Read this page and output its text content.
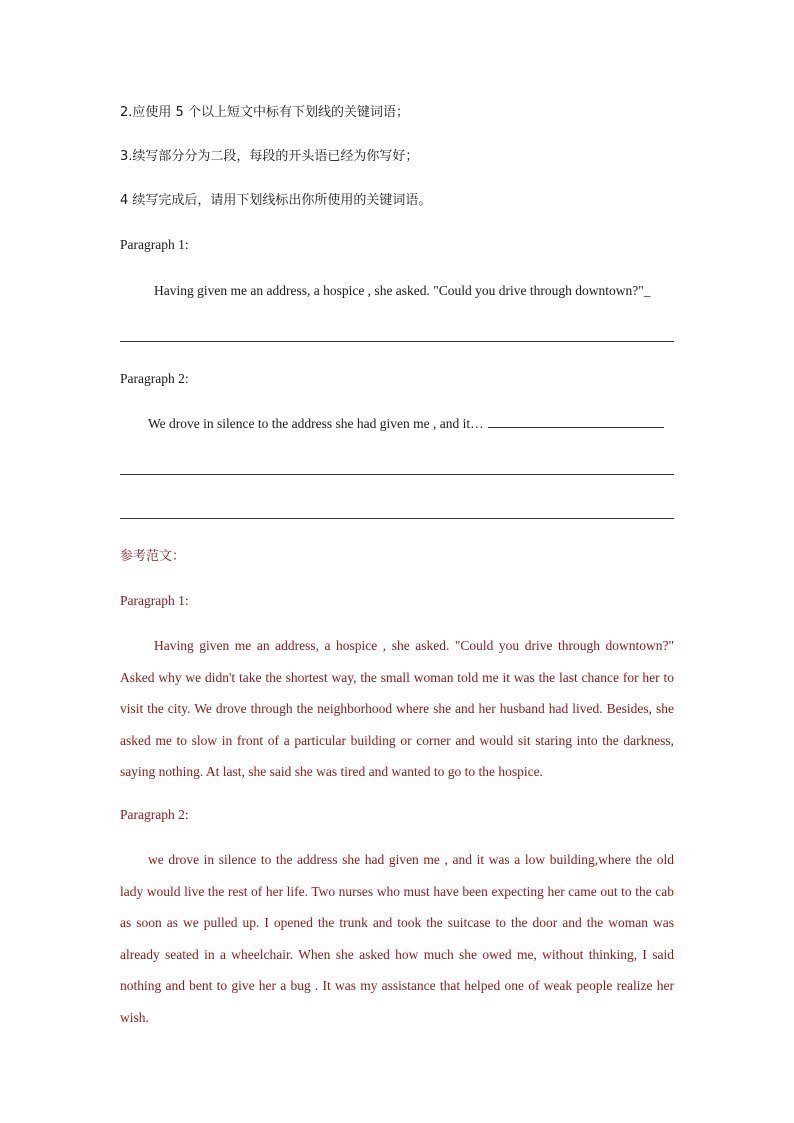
2.应使用 5 个以上短文中标有下划线的关键词语；
3.续写部分分为二段，每段的开头语已经为你写好；
4 续写完成后，请用下划线标出你所使用的关键词语。
Paragraph 1:
Having given me an address, a hospice , she asked. "Could you drive through downtown?"_
Paragraph 2:
We drove in silence to the address she had given me , and it…
参考范文：
Paragraph 1:
Having given me an address, a hospice , she asked. "Could you drive through downtown?" Asked why we didn't take the shortest way, the small woman told me it was the last chance for her to visit the city. We drove through the neighborhood where she and her husband had lived. Besides, she asked me to slow in front of a particular building or corner and would sit staring into the darkness, saying nothing. At last, she said she was tired and wanted to go to the hospice.
Paragraph 2:
we drove in silence to the address she had given me , and it was a low building,where the old lady would live the rest of her life. Two nurses who must have been expecting her came out to the cab as soon as we pulled up. I opened the trunk and took the suitcase to the door and the woman was already seated in a wheelchair. When she asked how much she owed me, without thinking, I said nothing and bent to give her a bug . It was my assistance that helped one of weak people realize her wish.
